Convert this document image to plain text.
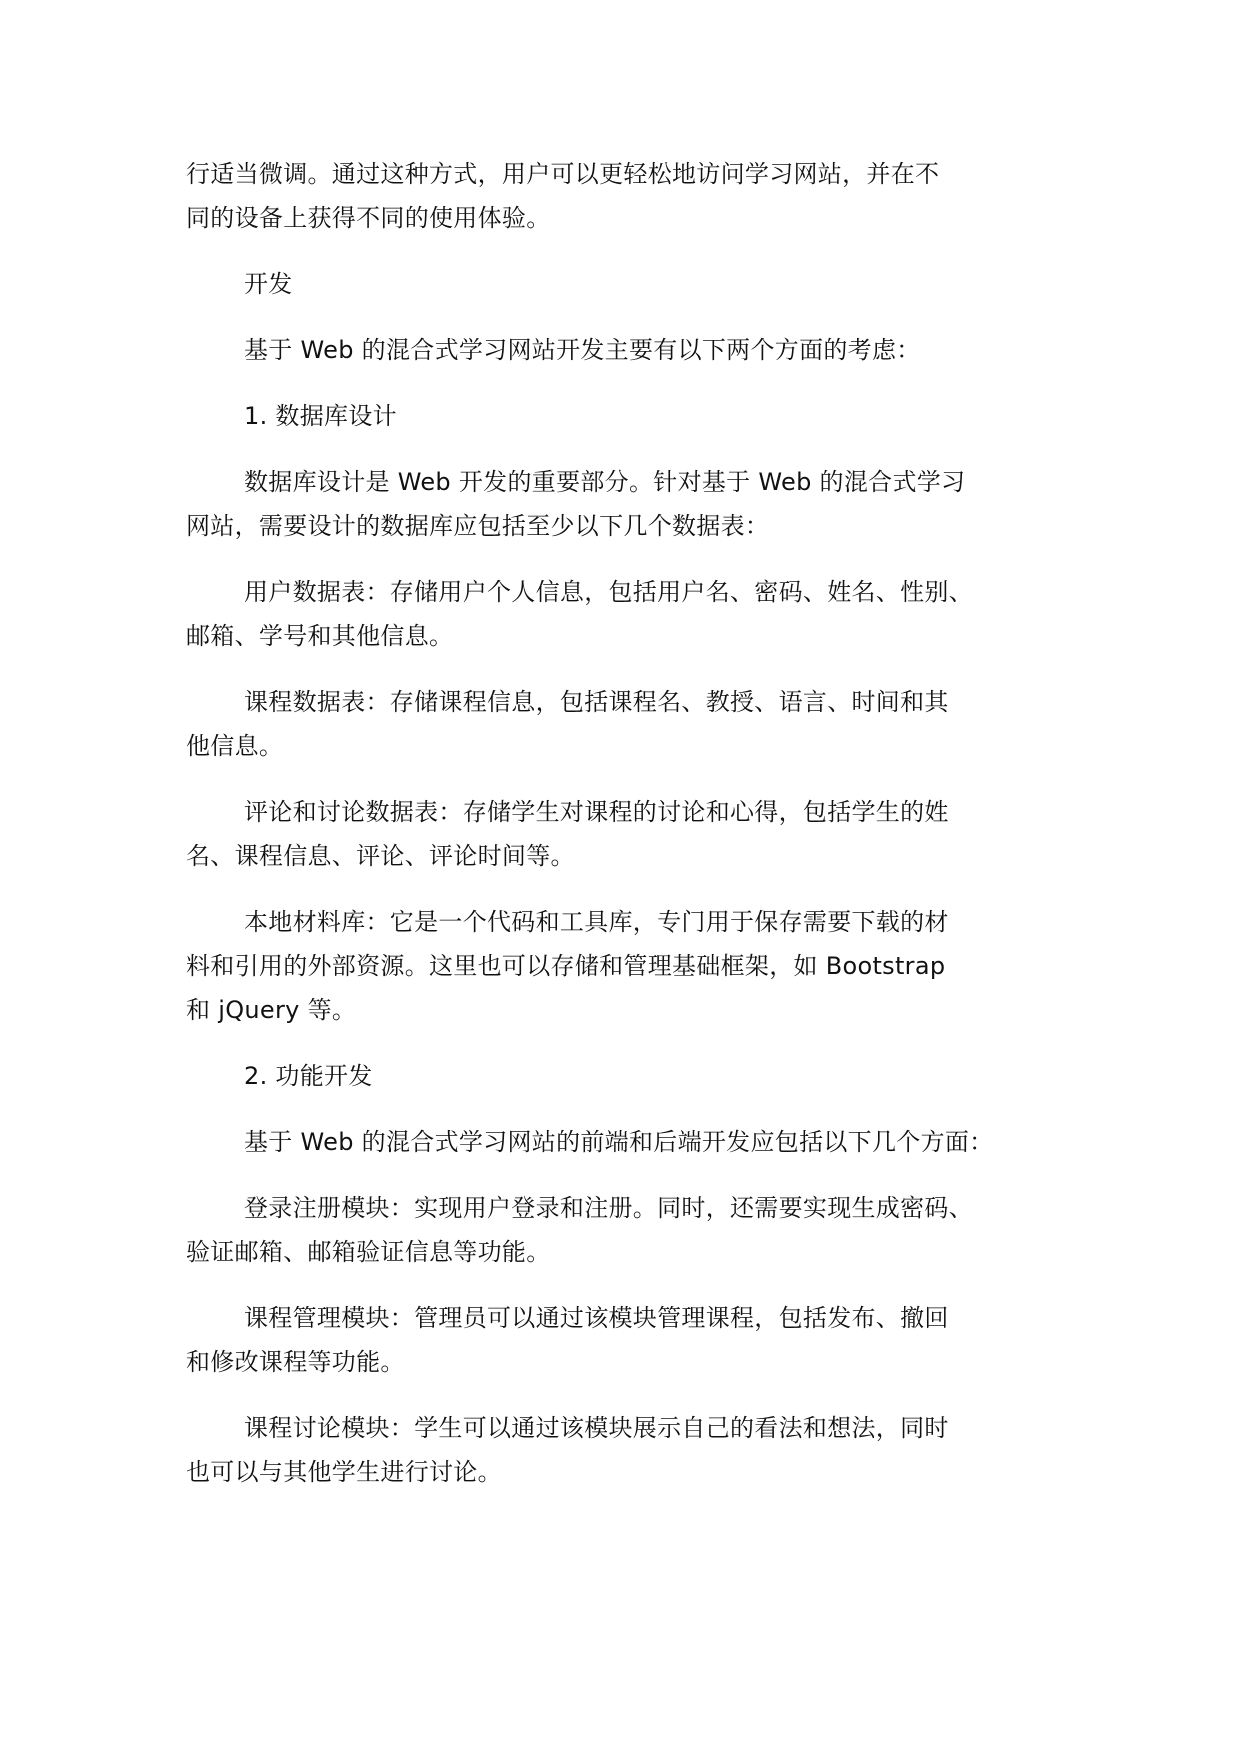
行适当微调。通过这种方式，用户可以更轻松地访问学习网站，并在不
同的设备上获得不同的使用体验。

开发

基于 Web 的混合式学习网站开发主要有以下两个方面的考虑：

1. 数据库设计

数据库设计是 Web 开发的重要部分。针对基于 Web 的混合式学习
网站，需要设计的数据库应包括至少以下几个数据表：

用户数据表：存储用户个人信息，包括用户名、密码、姓名、性别、
邮箱、学号和其他信息。

课程数据表：存储课程信息，包括课程名、教授、语言、时间和其
他信息。

评论和讨论数据表：存储学生对课程的讨论和心得，包括学生的姓
名、课程信息、评论、评论时间等。

本地材料库：它是一个代码和工具库，专门用于保存需要下载的材
料和引用的外部资源。这里也可以存储和管理基础框架，如 Bootstrap
和 jQuery 等。

2. 功能开发

基于 Web 的混合式学习网站的前端和后端开发应包括以下几个方面：

登录注册模块：实现用户登录和注册。同时，还需要实现生成密码、
验证邮箱、邮箱验证信息等功能。

课程管理模块：管理员可以通过该模块管理课程，包括发布、撤回
和修改课程等功能。

课程讨论模块：学生可以通过该模块展示自己的看法和想法，同时
也可以与其他学生进行讨论。
